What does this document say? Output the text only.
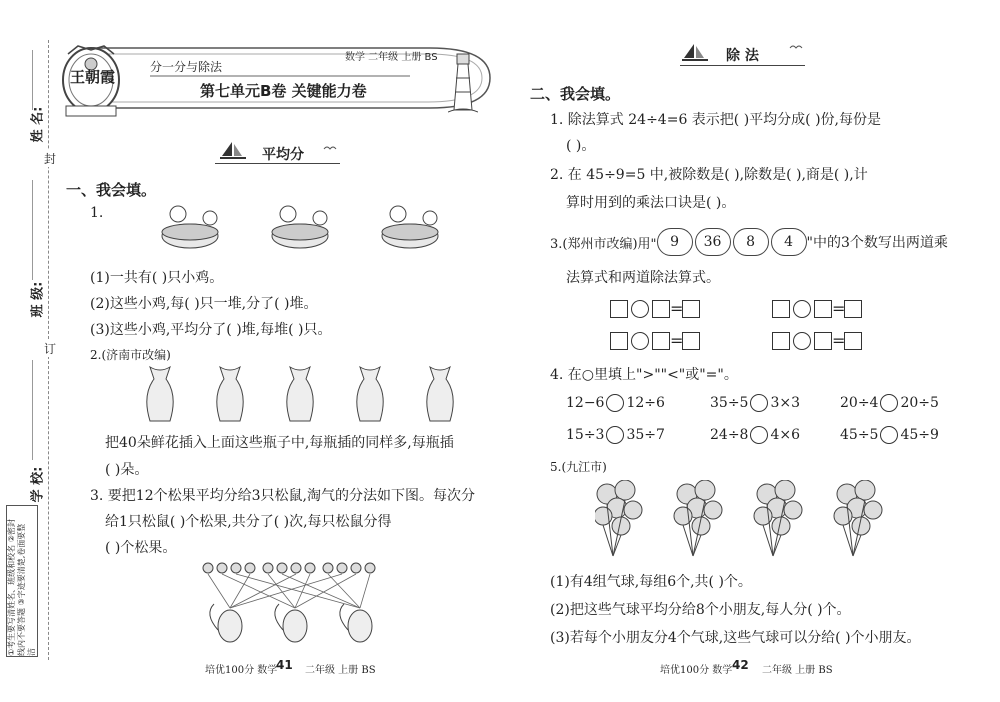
姓 名:
班 级:
学 校:
封
订
①考生要写清姓名、班级和校名 ②密封线内不要答题 ③字迹要清楚,卷面要整洁
王朝霞
分一分与除法
数学 二年级 上册 BS
第七单元B卷 关键能力卷
平均分
一、我会填。
1.
(1)一共有( )只小鸡。
(2)这些小鸡,每( )只一堆,分了( )堆。
(3)这些小鸡,平均分了( )堆,每堆( )只。
2.(济南市改编)
把40朵鲜花插入上面这些瓶子中,每瓶插的同样多,每瓶插
( )朵。
3. 要把12个松果平均分给3只松鼠,淘气的分法如下图。每次分
给1只松鼠( )个松果,共分了( )次,每只松鼠分得
( )个松果。
培优100分 数学
41 二年级 上册 BS
除 法
二、我会填。
1. 除法算式 24÷4=6 表示把( )平均分成( )份,每份是
( )。
2. 在 45÷9=5 中,被除数是( ),除数是( ),商是( ),计
算时用到的乘法口诀是( )。
3.(郑州市改编)用" 9	36	8	4 "中的3个数写出两道乘
法算式和两道除法算式。
=	=
=	=
4. 在○里填上">""<"或"="。
12−6 12÷6	35÷5 3×3	20÷4 20÷5
15÷3 35÷7	24÷8 4×6	45÷5 45÷9
5.(九江市)
(1)有4组气球,每组6个,共( )个。
(2)把这些气球平均分给8个小朋友,每人分( )个。
(3)若每个小朋友分4个气球,这些气球可以分给( )个小朋友。
培优100分 数学 42 二年级 上册 BS
